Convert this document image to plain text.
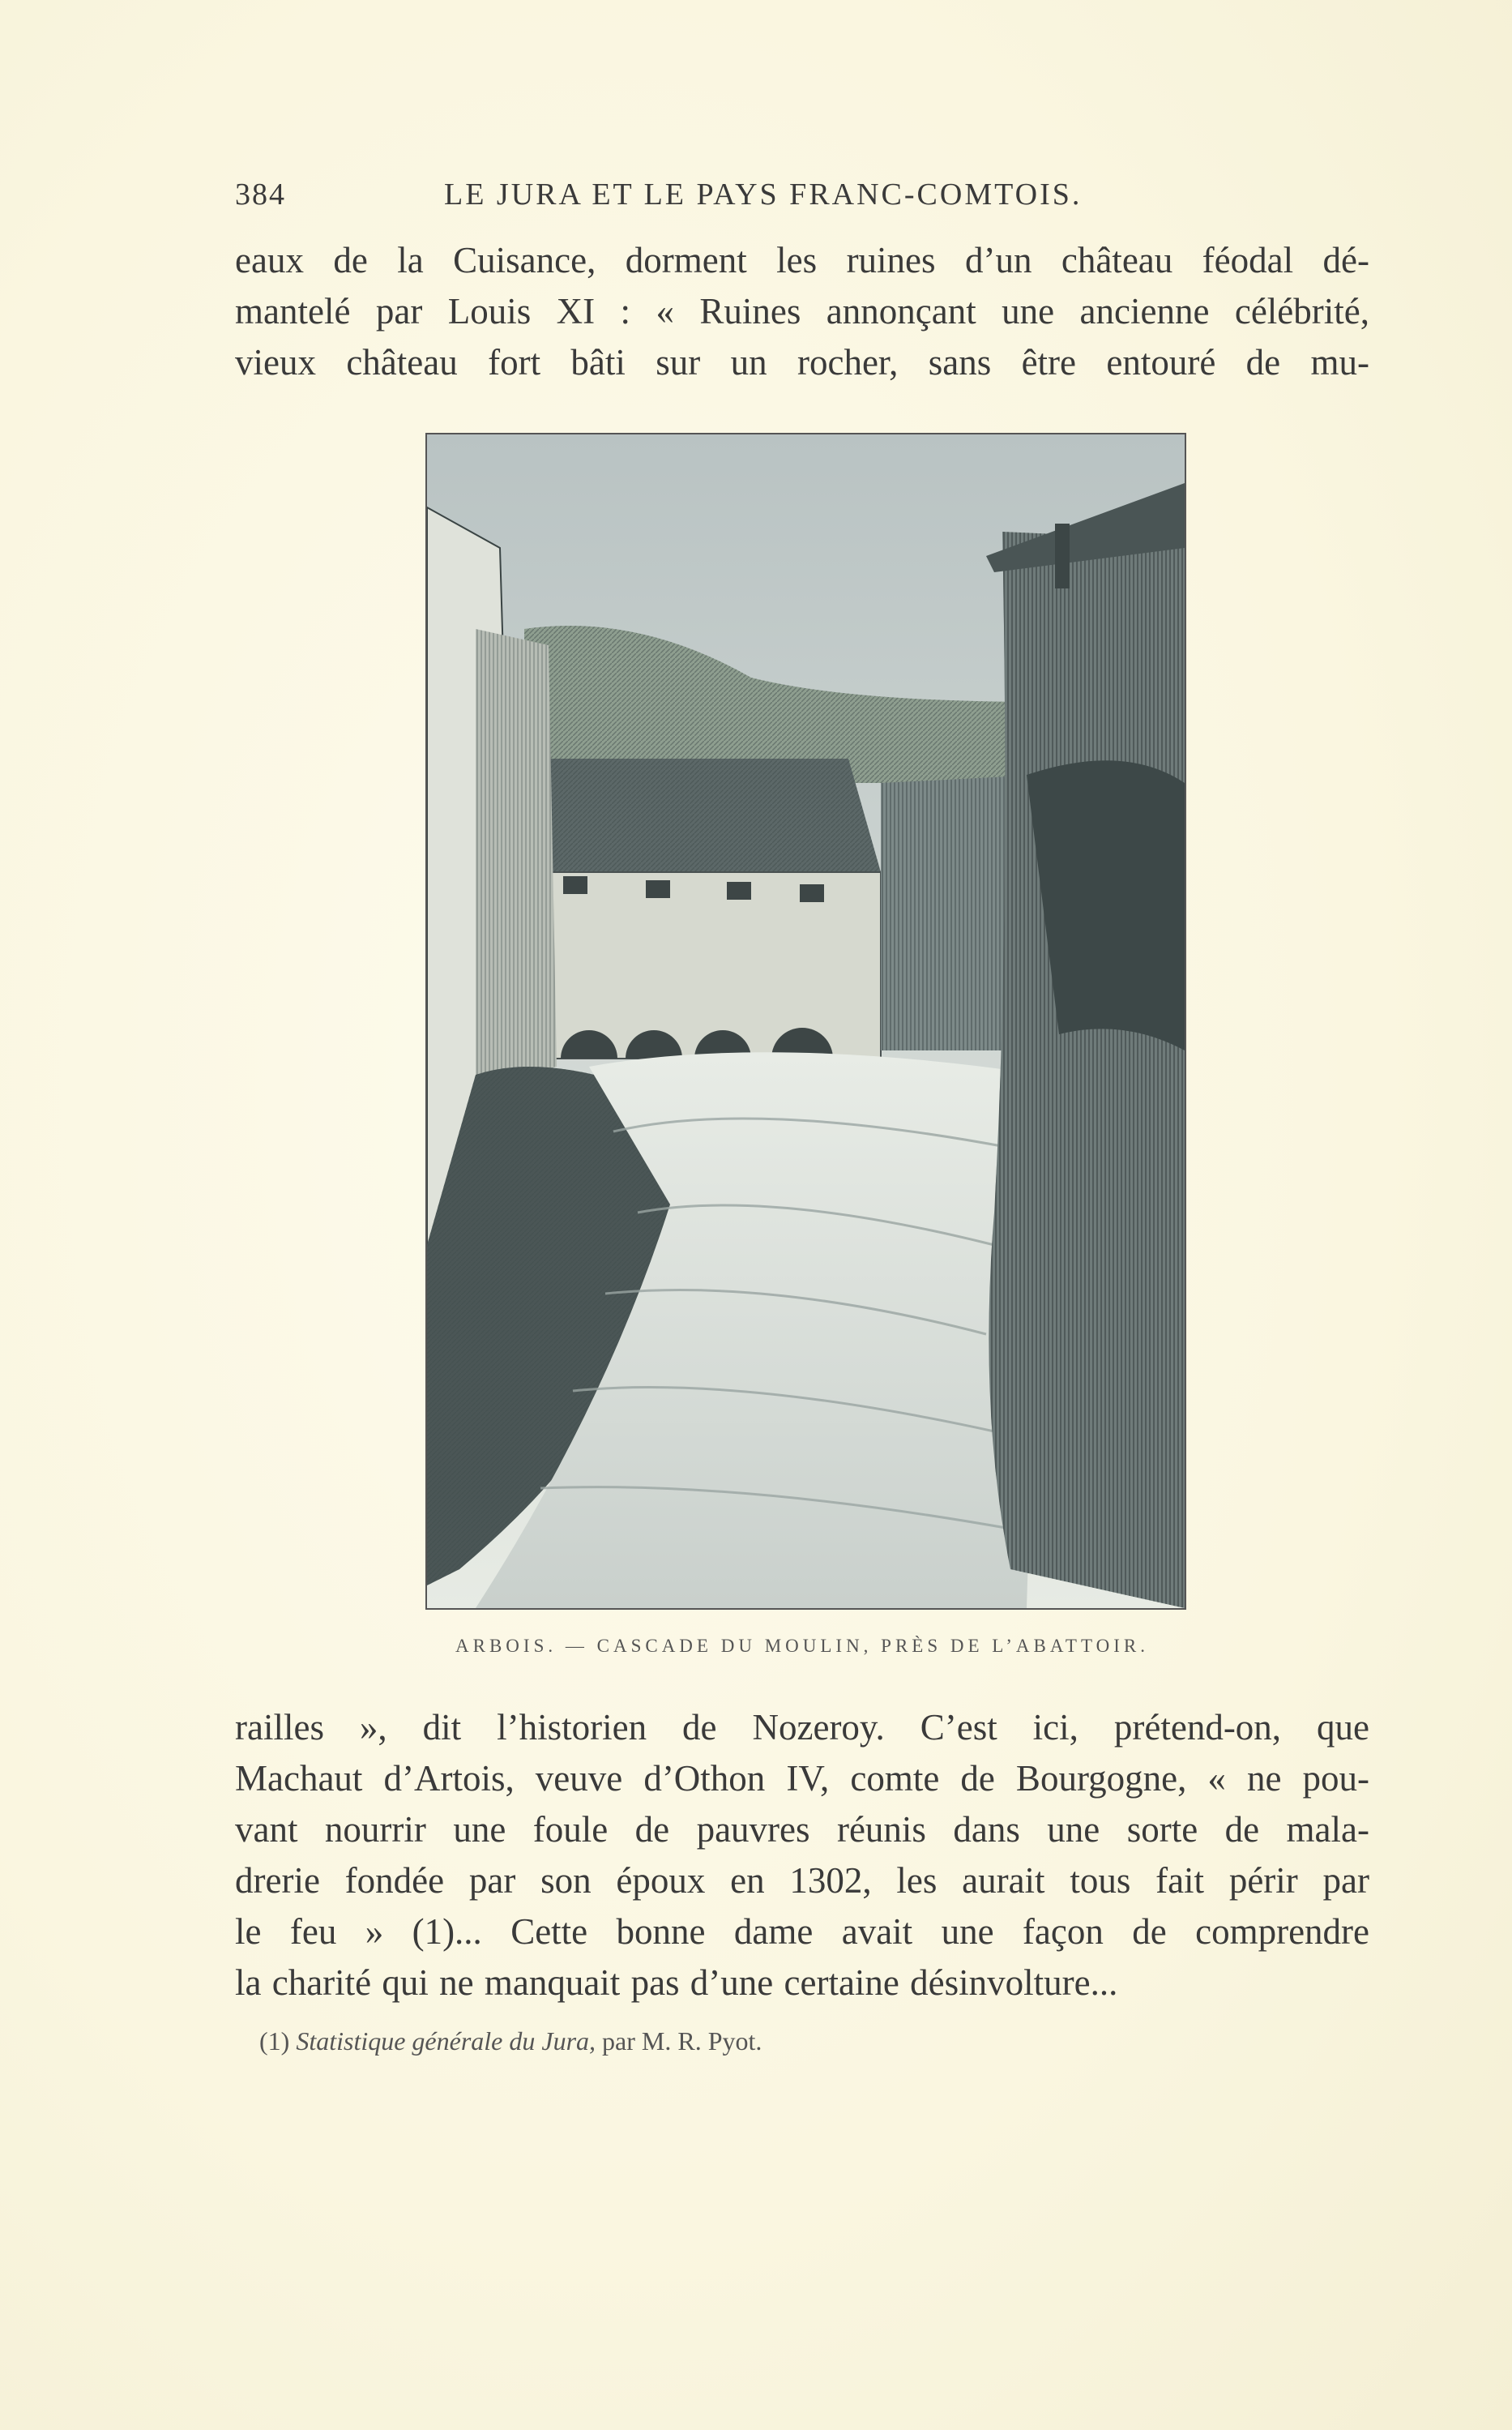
384	LE JURA ET LE PAYS FRANC-COMTOIS.
eaux de la Cuisance, dorment les ruines d’un château féodal dé-
mantelé par Louis XI : « Ruines annonçant une ancienne célébrité,
vieux château fort bâti sur un rocher, sans être entouré de mu-
ARBOIS. — CASCADE DU MOULIN, PRÈS DE L’ABATTOIR.
railles », dit l’historien de Nozeroy. C’est ici, prétend-on, que
Machaut d’Artois, veuve d’Othon IV, comte de Bourgogne, « ne pou-
vant nourrir une foule de pauvres réunis dans une sorte de mala-
drerie fondée par son époux en 1302, les aurait tous fait périr par
le feu » (1)... Cette bonne dame avait une façon de comprendre
la charité qui ne manquait pas d’une certaine désinvolture...
(1) Statistique générale du Jura, par M. R. Pyot.
